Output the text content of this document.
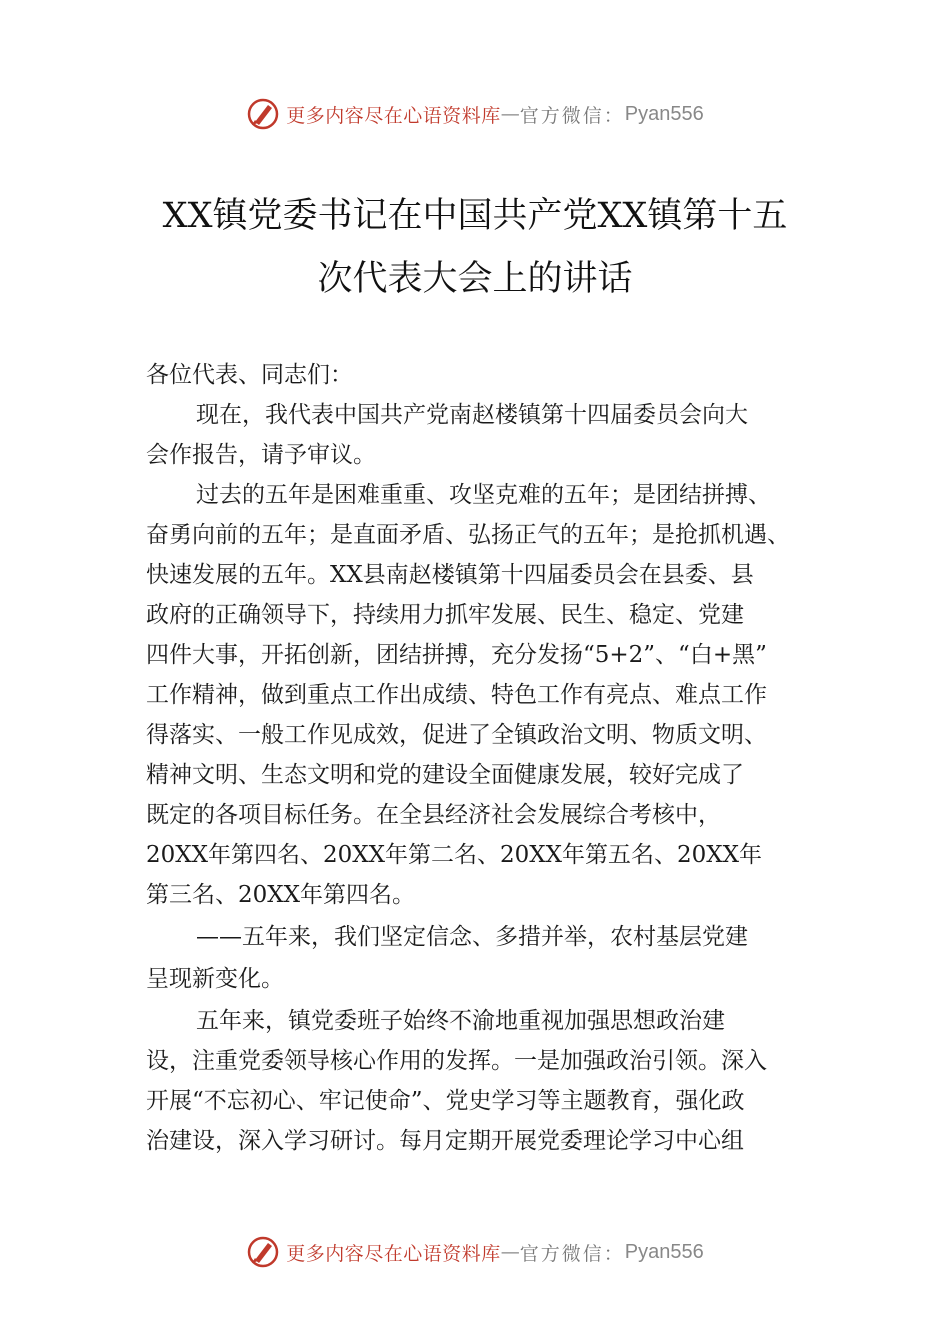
更多内容尽在心语资料库 — 官方微信： Pyan556
XX镇党委书记在中国共产党XX镇第十五
次代表大会上的讲话
各位代表、同志们：
现在，我代表中国共产党南赵楼镇第十四届委员会向大
会作报告，请予审议。
过去的五年是困难重重、攻坚克难的五年；是团结拼搏、
奋勇向前的五年；是直面矛盾、弘扬正气的五年；是抢抓机遇、
快速发展的五年。XX县南赵楼镇第十四届委员会在县委、县
政府的正确领导下，持续用力抓牢发展、民生、稳定、党建
四件大事，开拓创新，团结拼搏，充分发扬“5+2”、“白+黑”
工作精神，做到重点工作出成绩、特色工作有亮点、难点工作
得落实、一般工作见成效，促进了全镇政治文明、物质文明、
精神文明、生态文明和党的建设全面健康发展，较好完成了
既定的各项目标任务。在全县经济社会发展综合考核中，
20XX年第四名、20XX年第二名、20XX年第五名、20XX年
第三名、20XX年第四名。
——五年来，我们坚定信念、多措并举，农村基层党建
呈现新变化。
五年来，镇党委班子始终不渝地重视加强思想政治建
设，注重党委领导核心作用的发挥。一是加强政治引领。深入
开展“不忘初心、牢记使命”、党史学习等主题教育，强化政
治建设，深入学习研讨。每月定期开展党委理论学习中心组
更多内容尽在心语资料库 — 官方微信： Pyan556
